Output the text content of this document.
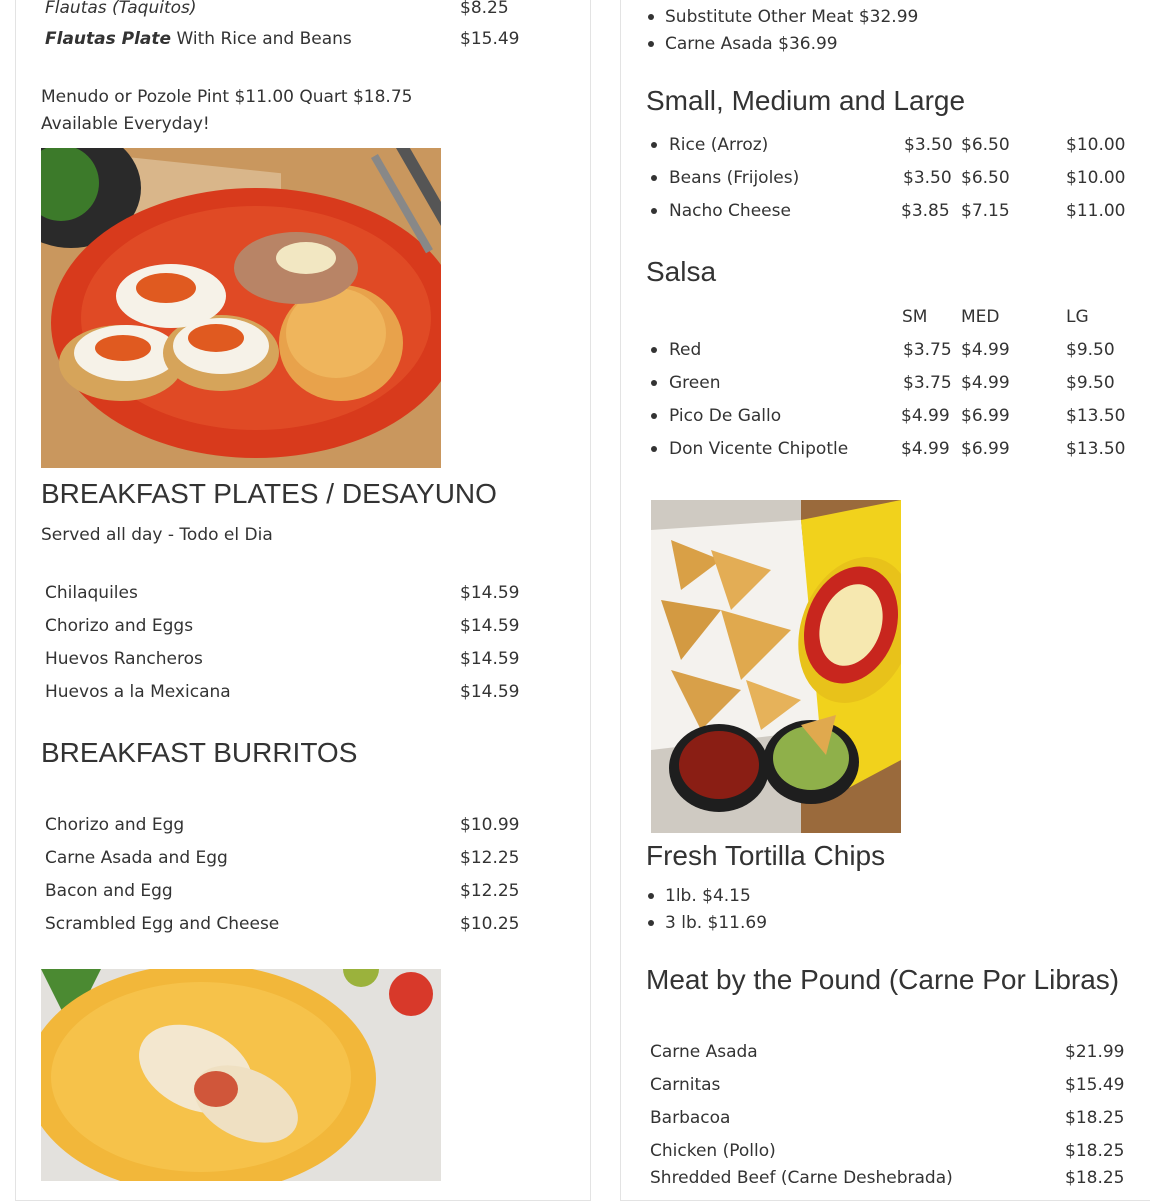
Flautas (Taquitos)	$8.25
Flautas Plate With Rice and Beans	$15.49
Menudo or Pozole Pint $11.00 Quart $18.75
Available Everyday!
BREAKFAST PLATES / DESAYUNO
Served all day - Todo el Dia
Chilaquiles	$14.59
Chorizo and Eggs	$14.59
Huevos Rancheros	$14.59
Huevos a la Mexicana	$14.59
BREAKFAST BURRITOS
Chorizo and Egg	$10.99
Carne Asada and Egg	$12.25
Bacon and Egg	$12.25
Scrambled Egg and Cheese	$10.25
Substitute Other Meat $32.99
Carne Asada $36.99
Small, Medium and Large
Rice (Arroz)	$3.50 $6.50	$10.00
Beans (Frijoles)	$3.50 $6.50	$10.00
Nacho Cheese	$3.85 $7.15	$11.00
Salsa
SM MED	LG
Red	$3.75 $4.99	$9.50
Green	$3.75 $4.99	$9.50
Pico De Gallo	$4.99 $6.99	$13.50
Don Vicente Chipotle	$4.99 $6.99	$13.50
Fresh Tortilla Chips
1lb. $4.15
3 lb. $11.69
Meat by the Pound (Carne Por Libras)
Carne Asada	$21.99
Carnitas	$15.49
Barbacoa	$18.25
Chicken (Pollo)	$18.25
Shredded Beef (Carne Deshebrada)	$18.25
